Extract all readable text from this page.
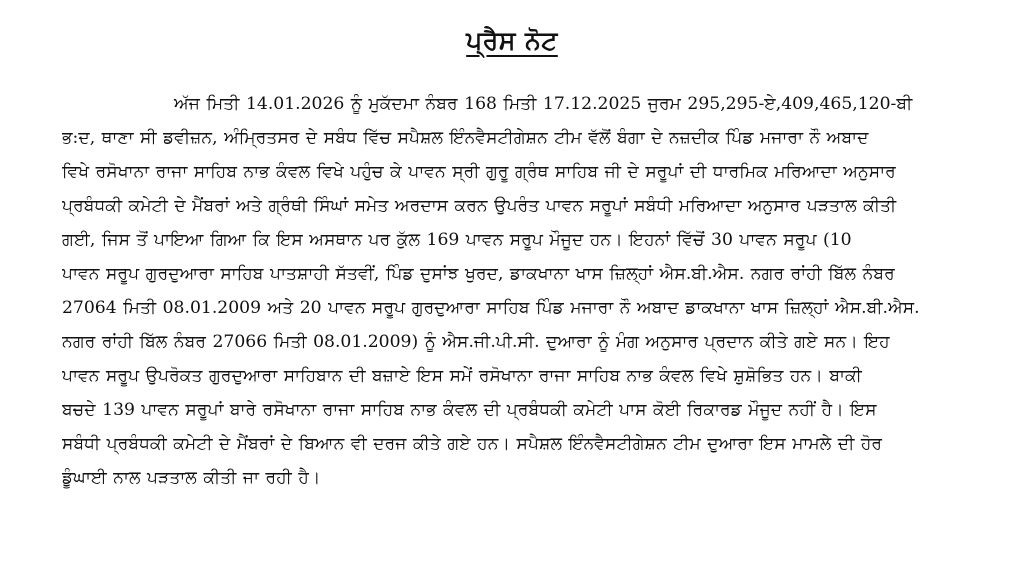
ਪ੍ਰੈਸ ਨੋਟ
ਅੱਜ ਮਿਤੀ 14.01.2026 ਨੂੰ ਮੁਕੱਦਮਾ ਨੰਬਰ 168 ਮਿਤੀ 17.12.2025 ਜੁਰਮ 295,295-ਏ,409,465,120-ਬੀ
ਭ:ਦ, ਥਾਣਾ ਸੀ ਡਵੀਜ਼ਨ, ਅੰਮ੍ਰਿਤਸਰ ਦੇ ਸਬੰਧ ਵਿੱਚ ਸਪੈਸ਼ਲ ਇੰਨਵੈਸਟੀਗੇਸ਼ਨ ਟੀਮ ਵੱਲੋਂ ਬੰਗਾ ਦੇ ਨਜ਼ਦੀਕ ਪਿੰਡ ਮਜਾਰਾ ਨੌ ਅਬਾਦ
ਵਿਖੇ ਰਸੋਖਾਨਾ ਰਾਜਾ ਸਾਹਿਬ ਨਾਭ ਕੰਵਲ ਵਿਖੇ ਪਹੁੰਚ ਕੇ ਪਾਵਨ ਸ੍ਰੀ ਗੁਰੂ ਗ੍ਰੰਥ ਸਾਹਿਬ ਜੀ ਦੇ ਸਰੂਪਾਂ ਦੀ ਧਾਰਮਿਕ ਮਰਿਆਦਾ ਅਨੁਸਾਰ
ਪ੍ਰਬੰਧਕੀ ਕਮੇਟੀ ਦੇ ਮੈਂਬਰਾਂ ਅਤੇ ਗ੍ਰੰਥੀ ਸਿੰਘਾਂ ਸਮੇਤ ਅਰਦਾਸ ਕਰਨ ਉਪਰੰਤ ਪਾਵਨ ਸਰੂਪਾਂ ਸਬੰਧੀ ਮਰਿਆਦਾ ਅਨੁਸਾਰ ਪੜਤਾਲ ਕੀਤੀ
ਗਈ, ਜਿਸ ਤੋਂ ਪਾਇਆ ਗਿਆ ਕਿ ਇਸ ਅਸਥਾਨ ਪਰ ਕੁੱਲ 169 ਪਾਵਨ ਸਰੂਪ ਮੌਜੂਦ ਹਨ। ਇਹਨਾਂ ਵਿੱਚੋਂ 30 ਪਾਵਨ ਸਰੂਪ (10
ਪਾਵਨ ਸਰੂਪ ਗੁਰਦੁਆਰਾ ਸਾਹਿਬ ਪਾਤਸ਼ਾਹੀ ਸੱਤਵੀਂ, ਪਿੰਡ ਦੁਸਾਂਝ ਖੁਰਦ, ਡਾਕਖਾਨਾ ਖਾਸ ਜ਼ਿਲ੍ਹਾਂ ਐਸ.ਬੀ.ਐਸ. ਨਗਰ ਰਾਂਹੀ ਬਿੱਲ ਨੰਬਰ
27064 ਮਿਤੀ 08.01.2009 ਅਤੇ 20 ਪਾਵਨ ਸਰੂਪ ਗੁਰਦੁਆਰਾ ਸਾਹਿਬ ਪਿੰਡ ਮਜਾਰਾ ਨੌ ਅਬਾਦ ਡਾਕਖਾਨਾ ਖਾਸ ਜ਼ਿਲ੍ਹਾਂ ਐਸ.ਬੀ.ਐਸ.
ਨਗਰ ਰਾਂਹੀ ਬਿੱਲ ਨੰਬਰ 27066 ਮਿਤੀ 08.01.2009) ਨੂੰ ਐਸ.ਜੀ.ਪੀ.ਸੀ. ਦੁਆਰਾ ਨੂੰ ਮੰਗ ਅਨੁਸਾਰ ਪ੍ਰਦਾਨ ਕੀਤੇ ਗਏ ਸਨ। ਇਹ
ਪਾਵਨ ਸਰੂਪ ਉਪਰੋਕਤ ਗੁਰਦੁਆਰਾ ਸਾਹਿਬਾਨ ਦੀ ਬਜ਼ਾਏ ਇਸ ਸਮੇਂ ਰਸੋਖਾਨਾ ਰਾਜਾ ਸਾਹਿਬ ਨਾਭ ਕੰਵਲ ਵਿਖੇ ਸ਼ੁਸ਼ੋਭਿਤ ਹਨ। ਬਾਕੀ
ਬਚਦੇ 139 ਪਾਵਨ ਸਰੂਪਾਂ ਬਾਰੇ ਰਸੋਖਾਨਾ ਰਾਜਾ ਸਾਹਿਬ ਨਾਭ ਕੰਵਲ ਦੀ ਪ੍ਰਬੰਧਕੀ ਕਮੇਟੀ ਪਾਸ ਕੋਈ ਰਿਕਾਰਡ ਮੌਜੂਦ ਨਹੀਂ ਹੈ। ਇਸ
ਸਬੰਧੀ ਪ੍ਰਬੰਧਕੀ ਕਮੇਟੀ ਦੇ ਮੈਂਬਰਾਂ ਦੇ ਬਿਆਨ ਵੀ ਦਰਜ ਕੀਤੇ ਗਏ ਹਨ। ਸਪੈਸ਼ਲ ਇੰਨਵੈਸਟੀਗੇਸ਼ਨ ਟੀਮ ਦੁਆਰਾ ਇਸ ਮਾਮਲੇ ਦੀ ਹੋਰ
ਡੂੰਘਾਈ ਨਾਲ ਪੜਤਾਲ ਕੀਤੀ ਜਾ ਰਹੀ ਹੈ।
